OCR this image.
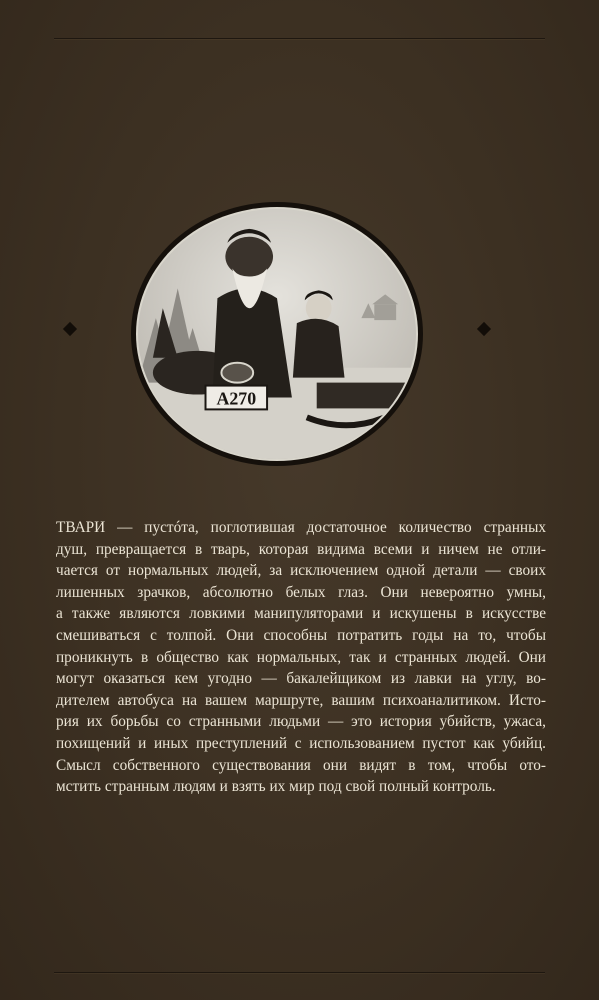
A270

ТВАРИ — пустóта, поглотившая достаточное количество странных
душ, превращается в тварь, которая видима всеми и ничем не отли-
чается от нормальных людей, за исключением одной детали — своих
лишенных зрачков, абсолютно белых глаз. Они невероятно умны,
а также являются ловкими манипуляторами и искушены в искусстве
смешиваться с толпой. Они способны потратить годы на то, чтобы
проникнуть в общество как нормальных, так и странных людей. Они
могут оказаться кем угодно — бакалейщиком из лавки на углу, во-
дителем автобуса на вашем маршруте, вашим психоаналитиком. Исто-
рия их борьбы со странными людьми — это история убийств, ужаса,
похищений и иных преступлений с использованием пустот как убийц.
Смысл собственного существования они видят в том, чтобы ото-
мстить странным людям и взять их мир под свой полный контроль.
